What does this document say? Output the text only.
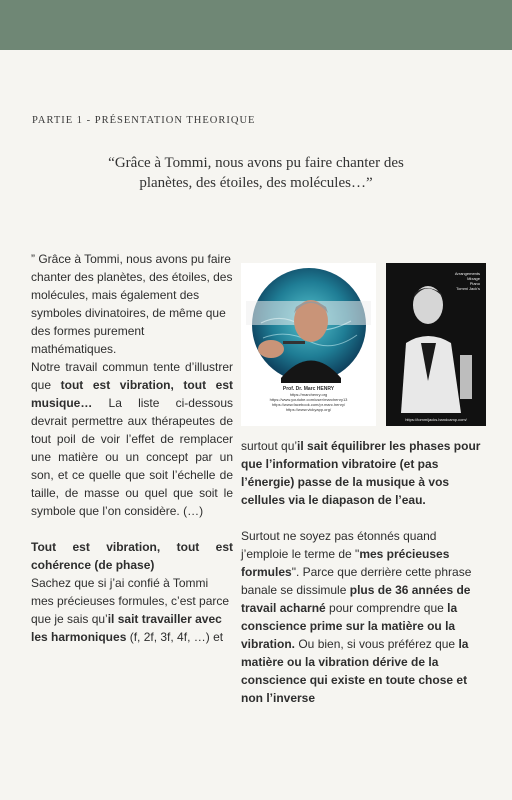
PARTIE 1 - PRÉSENTATION THEORIQUE
“Grâce à Tommi, nous avons pu faire chanter des planètes, des étoiles, des molécules…”

” Grâce à Tommi, nous avons pu faire chanter des planètes, des étoiles, des molécules, mais également des symboles divinatoires, de même que des formes purement mathématiques.

Notre travail commun tente d’illustrer que tout est vibration, tout est musique… La liste ci-dessous devrait permettre aux thérapeutes de tout poil de voir l’effet de remplacer une matière ou un concept par un son, et ce quelle que soit l’échelle de taille, de masse ou quel que soit le symbole que l’on considère. (…)

Tout est vibration, tout est cohérence (de phase)

Sachez que si j’ai confié à Tommi mes précieuses formules, c’est parce que je sais qu’il sait travailler avec les harmoniques (f, 2f, 3f, 4f, …) et

Prof. Dr. Marc HENRY
https://marchenry.org
https://www.youtube.com/user/marchenry13
https://www.facebook.com/pr.marc.henry/
https://www.vickyapp.org/
Arrangements
Mixage
Piano
Tommi Jack's
https://tommijacks.bandcamp.com/

surtout qu’il sait équilibrer les phases pour que l’information vibratoire (et pas l’énergie) passe de la musique à vos cellules via le diapason de l’eau.

Surtout ne soyez pas étonnés quand j’emploie le terme de "mes précieuses formules". Parce que derrière cette phrase banale se dissimule plus de 36 années de travail acharné pour comprendre que la conscience prime sur la matière ou la vibration. Ou bien, si vous préférez que la matière ou la vibration dérive de la conscience qui existe en toute chose et non l’inverse
